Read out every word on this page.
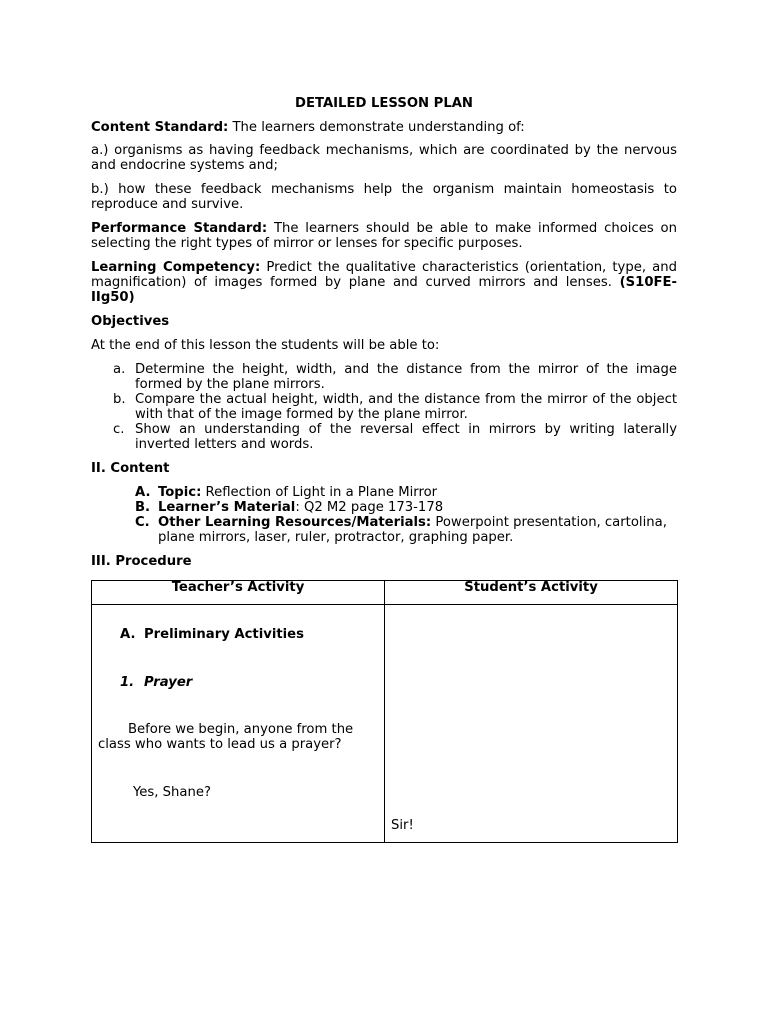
DETAILED LESSON PLAN

Content Standard: The learners demonstrate understanding of:

a.) organisms as having feedback mechanisms, which are coordinated by the nervous and endocrine systems and;

b.) how these feedback mechanisms help the organism maintain homeostasis to reproduce and survive.

Performance Standard: The learners should be able to make informed choices on selecting the right types of mirror or lenses for specific purposes.

Learning Competency: Predict the qualitative characteristics (orientation, type, and magnification) of images formed by plane and curved mirrors and lenses. (S10FE-IIg50)

Objectives

At the end of this lesson the students will be able to:

a. Determine the height, width, and the distance from the mirror of the image formed by the plane mirrors.
b. Compare the actual height, width, and the distance from the mirror of the object with that of the image formed by the plane mirror.
c. Show an understanding of the reversal effect in mirrors by writing laterally inverted letters and words.

II. Content

A. Topic: Reflection of Light in a Plane Mirror
B. Learner’s Material: Q2 M2 page 173-178
C. Other Learning Resources/Materials: Powerpoint presentation, cartolina, plane mirrors, laser, ruler, protractor, graphing paper.

III. Procedure

Teacher’s Activity	Student’s Activity

A. Preliminary Activities
1. Prayer
Before we begin, anyone from the class who wants to lead us a prayer?
Yes, Shane?	Sir!
